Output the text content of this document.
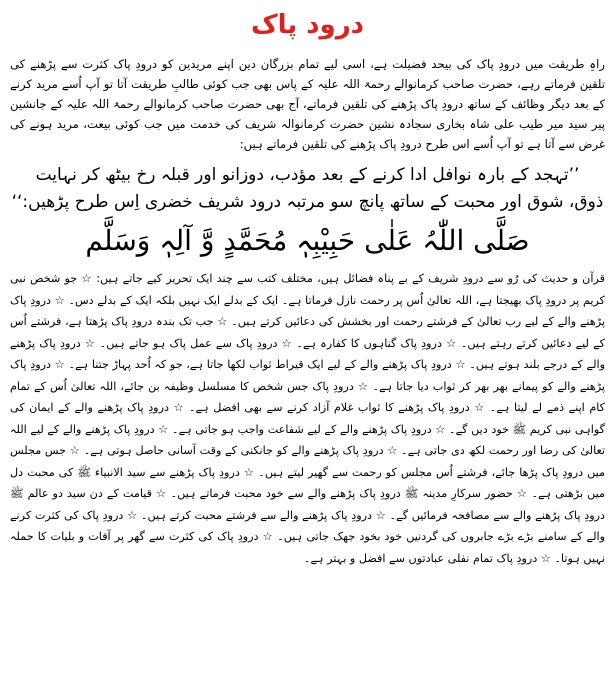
درود پاک

راہِ طریقت میں درودِ پاک کی بیحد فضیلت ہے، اسی لیے تمام بزرگان دین اپنے مریدین کو درودِ پاک کثرت سے پڑھنے کی تلقین فرماتے رہے، حضرت صاحب کرمانوالے رحمۃ اللہ علیہ کے پاس بھی جب کوئی طالبِ طریقت آتا تو آپ اُسے مرید کرنے کے بعد دیگر وظائف کے ساتھ درودِ پاک پڑھنے کی تلقین فرماتے، آج بھی حضرت صاحب کرمانوالے رحمۃ اللہ علیہ کے جانشین پیر سید میر طیب علی شاہ بخاری سجادہ نشین حضرت کرمانوالہ شریف کی خدمت میں جب کوئی بیعت، مرید ہونے کی غرض سے آتا ہے تو آپ اُسے اس طرح درودِ پاک پڑھنے کی تلقین فرماتے ہیں:

’’تہجد کے بارہ نوافل ادا کرنے کے بعد مؤدب، دوزانو اور قبلہ رخ بیٹھ کر نہایت
ذوق، شوق اور محبت کے ساتھ پانچ سو مرتبہ درود شریف خضری اِس طرح پڑھیں:‘‘
صَلَّی اللّٰہُ عَلٰی حَبِیْبِہٖ مُحَمَّدٍ وَّ آلِہٖ وَسَلَّم

قرآن و حدیث کی رُو سے درودِ شریف کے بے پناہ فضائل ہیں، مختلف کتب سے چند ایک تحریر کیے جاتے ہیں: ☆ جو شخص نبی کریم پر درودِ پاک بھیجتا ہے، اللہ تعالیٰ اُس پر رحمت نازل فرماتا ہے۔ ایک کے بدلے ایک نہیں بلکہ ایک کے بدلے دس۔ ☆ درودِ پاک پڑھنے والے کے لیے رب تعالیٰ کے فرشتے رحمت اور بخشش کی دعائیں کرتے ہیں۔ ☆ جب تک بندہ درودِ پاک پڑھتا ہے، فرشتے اُس کے لیے دعائیں کرتے رہتے ہیں۔ ☆ درودِ پاک گناہوں کا کفارہ ہے۔ ☆ درودِ پاک سے عمل پاک ہو جاتے ہیں۔ ☆ درودِ پاک پڑھنے والے کے درجے بلند ہوتے ہیں۔ ☆ درودِ پاک پڑھنے والے کے لیے ایک قیراط ثواب لکھا جاتا ہے، جو کہ اُحد پہاڑ جتنا ہے۔ ☆ درودِ پاک پڑھنے والے کو پیمانے بھر بھر کر ثواب دیا جاتا ہے۔ ☆ درودِ پاک جس شخص کا مسلسل وظیفہ بن جائے، اللہ تعالیٰ اُس کے تمام کام اپنے ذمے لے لیتا ہے۔ ☆ درودِ پاک پڑھنے کا ثواب غلام آزاد کرنے سے بھی افضل ہے۔ ☆ درودِ پاک پڑھنے والے کے ایمان کی گواہی نبی کریم ﷺ خود دیں گے۔ ☆ درودِ پاک پڑھنے والے کے لیے شفاعت واجب ہو جاتی ہے۔ ☆ درودِ پاک پڑھنے والے کے لیے اللہ تعالیٰ کی رضا اور رحمت لکھ دی جاتی ہے۔ ☆ درودِ پاک پڑھنے والے کو جانکنی کے وقت آسانی حاصل ہوتی ہے۔ ☆ جس مجلس میں درودِ پاک پڑھا جائے، فرشتے اُس مجلس کو رحمت سے گھیر لیتے ہیں۔ ☆ درودِ پاک پڑھنے سے سید الانبیاء ﷺ کی محبت دل میں بڑھتی ہے۔ ☆ حضور سرکارِ مدینہ ﷺ درودِ پاک پڑھنے والے سے خود محبت فرماتے ہیں۔ ☆ قیامت کے دن سید دو عالم ﷺ درودِ پاک پڑھنے والے سے مصافحہ فرمائیں گے۔ ☆ درودِ پاک پڑھنے والے سے فرشتے محبت کرتے ہیں۔ ☆ درودِ پاک کی کثرت کرنے والے کے سامنے بڑے بڑے جابروں کی گردنیں خود بخود جھک جاتی ہیں۔ ☆ درودِ پاک کی کثرت سے گھر پر آفات و بلیات کا حملہ نہیں ہوتا۔ ☆ درودِ پاک تمام نفلی عبادتوں سے افضل و بہتر ہے۔
